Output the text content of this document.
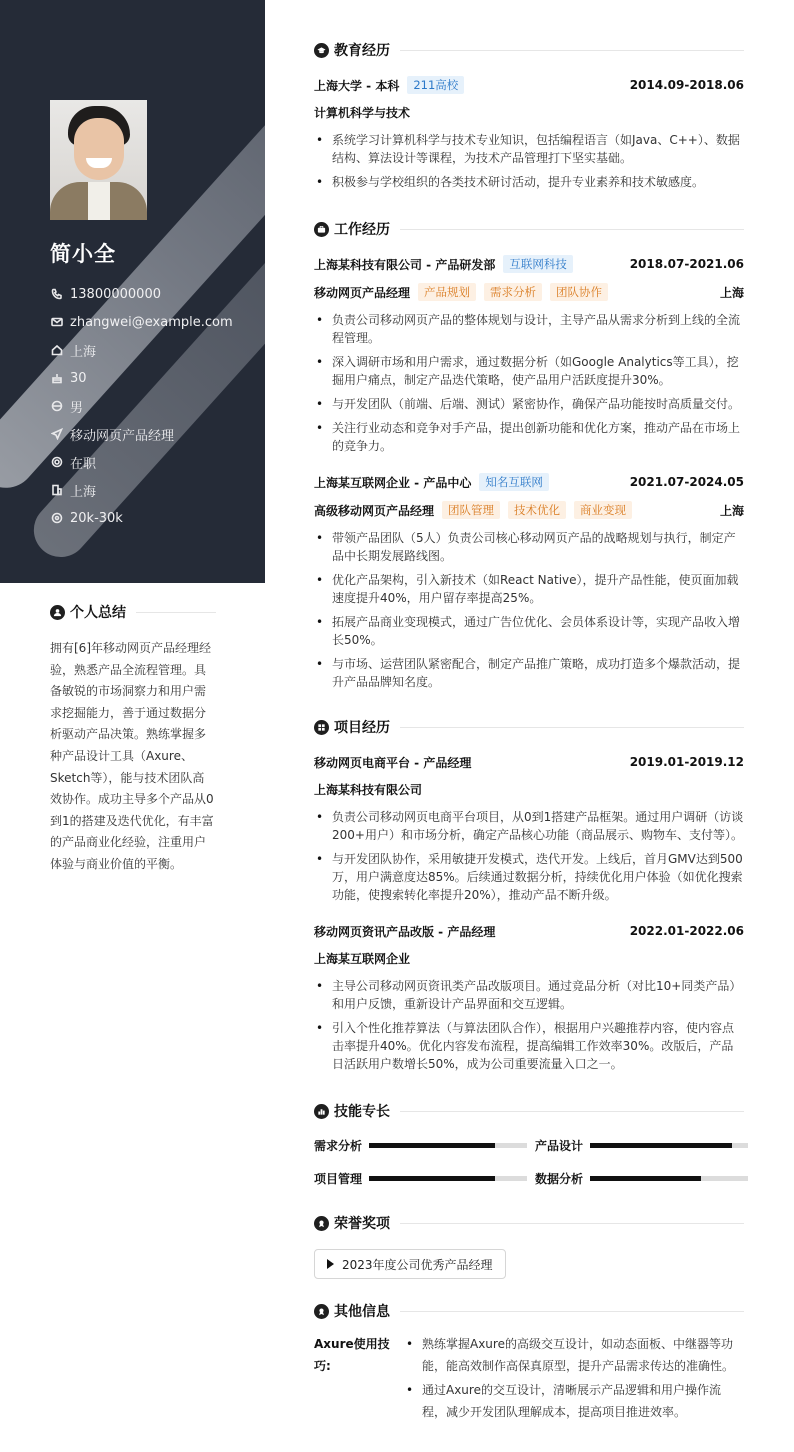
简小全
13800000000
zhangwei@example.com
上海
30
男
移动网页产品经理
在职
上海
20k-30k
个人总结
拥有[6]年移动网页产品经理经验，熟悉产品全流程管理。具备敏锐的市场洞察力和用户需求挖掘能力，善于通过数据分析驱动产品决策。熟练掌握多种产品设计工具（Axure、Sketch等），能与技术团队高效协作。成功主导多个产品从0到1的搭建及迭代优化，有丰富的产品商业化经验，注重用户体验与商业价值的平衡。
教育经历
上海大学 - 本科	211高校	2014.09-2018.06
计算机科学与技术
• 系统学习计算机科学与技术专业知识，包括编程语言（如Java、C++）、数据结构、算法设计等课程，为技术产品管理打下坚实基础。
• 积极参与学校组织的各类技术研讨活动，提升专业素养和技术敏感度。
工作经历
上海某科技有限公司 - 产品研发部	互联网科技	2018.07-2021.06
移动网页产品经理	产品规划	需求分析	团队协作	上海
• 负责公司移动网页产品的整体规划与设计，主导产品从需求分析到上线的全流程管理。
• 深入调研市场和用户需求，通过数据分析（如Google Analytics等工具），挖掘用户痛点，制定产品迭代策略，使产品用户活跃度提升30%。
• 与开发团队（前端、后端、测试）紧密协作，确保产品功能按时高质量交付。
• 关注行业动态和竞争对手产品，提出创新功能和优化方案，推动产品在市场上的竞争力。
上海某互联网企业 - 产品中心	知名互联网	2021.07-2024.05
高级移动网页产品经理	团队管理	技术优化	商业变现	上海
• 带领产品团队（5人）负责公司核心移动网页产品的战略规划与执行，制定产品中长期发展路线图。
• 优化产品架构，引入新技术（如React Native），提升产品性能，使页面加载速度提升40%，用户留存率提高25%。
• 拓展产品商业变现模式，通过广告位优化、会员体系设计等，实现产品收入增长50%。
• 与市场、运营团队紧密配合，制定产品推广策略，成功打造多个爆款活动，提升产品品牌知名度。
项目经历
移动网页电商平台 - 产品经理	2019.01-2019.12
上海某科技有限公司
• 负责公司移动网页电商平台项目，从0到1搭建产品框架。通过用户调研（访谈200+用户）和市场分析，确定产品核心功能（商品展示、购物车、支付等）。
• 与开发团队协作，采用敏捷开发模式，迭代开发。上线后，首月GMV达到500万，用户满意度达85%。后续通过数据分析，持续优化用户体验（如优化搜索功能，使搜索转化率提升20%），推动产品不断升级。
移动网页资讯产品改版 - 产品经理	2022.01-2022.06
上海某互联网企业
• 主导公司移动网页资讯类产品改版项目。通过竞品分析（对比10+同类产品）和用户反馈，重新设计产品界面和交互逻辑。
• 引入个性化推荐算法（与算法团队合作），根据用户兴趣推荐内容，使内容点击率提升40%。优化内容发布流程，提高编辑工作效率30%。改版后，产品日活跃用户数增长50%，成为公司重要流量入口之一。
技能专长
需求分析	产品设计
项目管理	数据分析
荣誉奖项
2023年度公司优秀产品经理
其他信息
Axure使用技巧:
• 熟练掌握Axure的高级交互设计，如动态面板、中继器等功能，能高效制作高保真原型，提升产品需求传达的准确性。
• 通过Axure的交互设计，清晰展示产品逻辑和用户操作流程，减少开发团队理解成本，提高项目推进效率。
